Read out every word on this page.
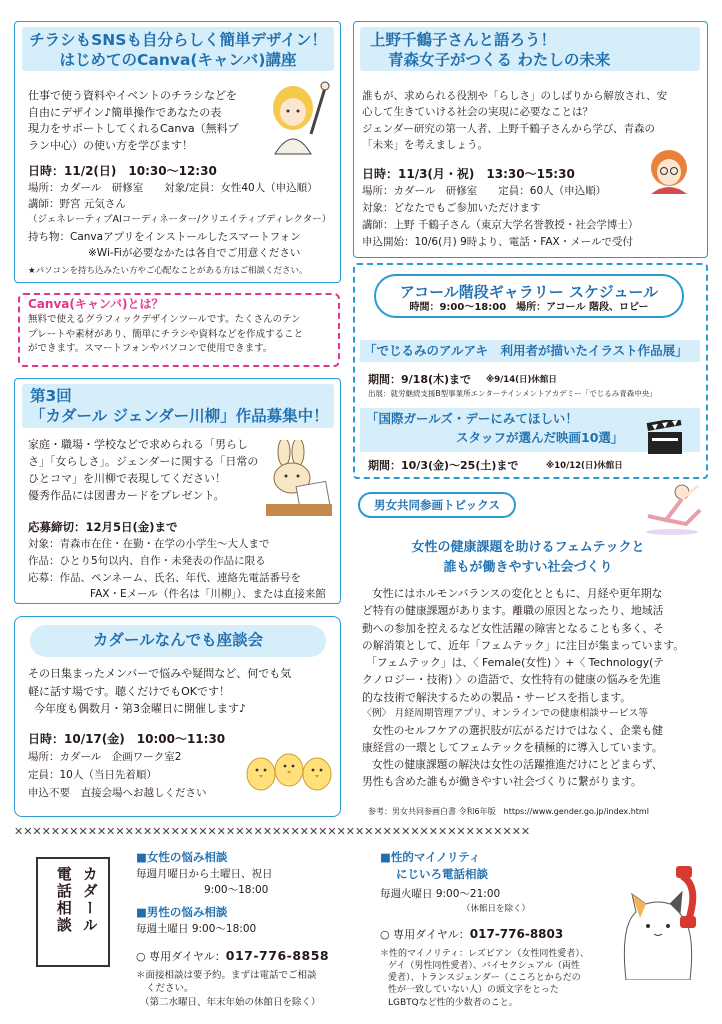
チラシもSNSも自分らしく簡単デザイン！
はじめてのCanva(キャンバ)講座

仕事で使う資料やイベントのチラシなどを

自由にデザイン♪簡単操作であなたの表

現力をサポートしてくれるCanva（無料プ

ラン中心）の使い方を学びます！

日時：11/2(日)　10:30～12:30
場所：カダール　研修室　　対象/定員：女性40人（申込順）
講師：野宮 元気さん
（ジェネレーティブAIコーディネーター/クリエイティブディレクター）
持ち物：Canvaアプリをインストールしたスマートフォン
※Wi-Fiが必要なかたは各自でご用意ください
★パソコンを持ち込みたい方やご心配なことがある方はご相談ください。
Canva(キャンバ)とは？

無料で使えるグラフィックデザインツールです。たくさんのテン

プレートや素材があり、簡単にチラシや資料などを作成すること

ができます。スマートフォンやパソコンで使用できます。

第3回
「カダール ジェンダー川柳」作品募集中！

家庭・職場・学校などで求められる「男らし

さ」「女らしさ」。ジェンダーに関する「日常の

ひとコマ」を川柳で表現してください！

優秀作品には図書カードをプレゼント。

応募締切：12月5日(金)まで
対象：青森市在住・在勤・在学の小学生～大人まで
作品：ひとり5句以内、自作・未発表の作品に限る
応募：作品、ペンネーム、氏名、年代、連絡先電話番号を
FAX・Eメール（件名は「川柳」）、または直接来館
カダールなんでも座談会

その日集まったメンバーで悩みや疑問など、何でも気

軽に話す場です。聴くだけでもOKです！

今年度も偶数月・第3金曜日に開催します♪

日時：10/17(金)　10:00～11:30
場所：カダール　企画ワーク室2
定員：10人（当日先着順）
申込不要　直接会場へお越しください
上野千鶴子さんと語ろう！
青森女子がつくる わたしの未来

誰もが、求められる役割や「らしさ」のしばりから解放され、安

心して生きていける社会の実現に必要なことは？

ジェンダー研究の第一人者、上野千鶴子さんから学び、青森の

「未来」を考えましょう。

日時：11/3(月・祝)　13:30～15:30
場所：カダール　研修室　　定員：60人（申込順）
対象：どなたでもご参加いただけます
講師：上野 千鶴子さん（東京大学名誉教授・社会学博士）
申込開始：10/6(月) 9時より、電話・FAX・メールで受付
アコール階段ギャラリー スケジュール
時間：9:00～18:00　場所：アコール 階段、ロビー
「でじるみのアルアキ　利用者が描いたイラスト作品展」
期間：9/18(木)まで ※9/14(日)休館日
出展：就労継続支援B型事業所エンターテインメントアカデミー「でじるみ青森中央」
「国際ガールズ・デーにみてほしい！
スタッフが選んだ映画10選」
期間：10/3(金)～25(土)まで	※10/12(日)休館日
男女共同参画トピックス

女性の健康課題を助けるフェムテックと

誰もが働きやすい社会づくり

女性にはホルモンバランスの変化とともに、月経や更年期な

ど特有の健康課題があります。離職の原因となったり、地域活

動への参加を控えるなど女性活躍の障害となることも多く、そ

の解消策として、近年「フェムテック」に注目が集まっています。

「フェムテック」は、〈 Female(女性) 〉+〈 Technology(テ

クノロジー・技術) 〉の造語で、女性特有の健康の悩みを先進

的な技術で解決するための製品・サービスを指します。

〈例〉 月経周期管理アプリ、オンラインでの健康相談サービス等

女性のセルフケアの選択肢が広がるだけではなく、企業も健

康経営の一環としてフェムテックを積極的に導入しています。

女性の健康課題の解決は女性の活躍推進だけにとどまらず、

男性も含めた誰もが働きやすい社会づくりに繋がります。

参考：男女共同参画白書 令和6年版　https://www.gender.go.jp/index.html
✕✕✕✕✕✕✕✕✕✕✕✕✕✕✕✕✕✕✕✕✕✕✕✕✕✕✕✕✕✕✕✕✕✕✕✕✕✕✕✕✕✕✕✕✕✕✕✕✕✕✕✕✕✕✕✕
カダール
電話相談
■女性の悩み相談
毎週月曜日から土曜日、祝日
9:00～18:00
■男性の悩み相談
毎週土曜日 9:00～18:00
○ 専用ダイヤル：017-776-8858

＊面接相談は要予約。まずは電話でご相談

ください。

（第二水曜日、年末年始の休館日を除く）

■性的マイノリティ
にじいろ電話相談
毎週火曜日 9:00～21:00
（休館日を除く）
○ 専用ダイヤル：017-776-8803

＊性的マイノリティ：レズビアン（女性同性愛者）、

ゲイ（男性同性愛者）、バイセクシュアル（両性

愛者）、トランスジェンダー（こころとからだの

性が一致していない人）の頭文字をとった

LGBTQなど性的少数者のこと。
